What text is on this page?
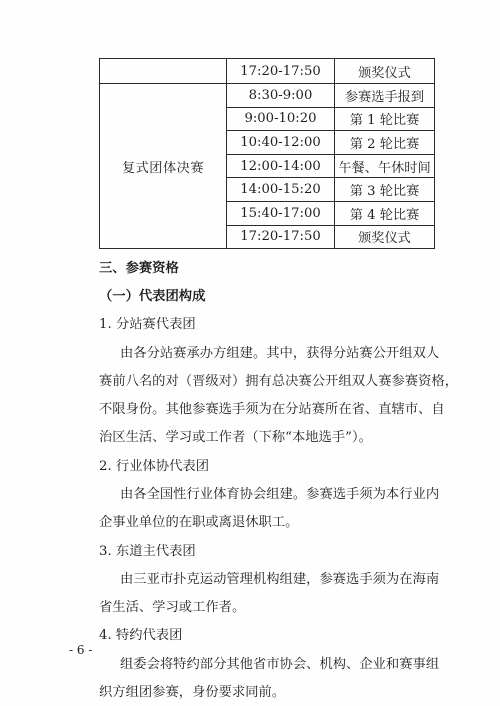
	17:20-17:50	颁奖仪式
复式团体决赛	8:30-9:00	参赛选手报到
	9:00-10:20	第 1 轮比赛
	10:40-12:00	第 2 轮比赛
	12:00-14:00	午餐、午休时间
	14:00-15:20	第 3 轮比赛
	15:40-17:00	第 4 轮比赛
	17:20-17:50	颁奖仪式
三、参赛资格
（一）代表团构成
1. 分站赛代表团
由各分站赛承办方组建。其中，获得分站赛公开组双人
赛前八名的对（晋级对）拥有总决赛公开组双人赛参赛资格，
不限身份。其他参赛选手须为在分站赛所在省、直辖市、自
治区生活、学习或工作者（下称“本地选手”）。
2. 行业体协代表团
由各全国性行业体育协会组建。参赛选手须为本行业内
企事业单位的在职或离退休职工。
3. 东道主代表团
由三亚市扑克运动管理机构组建，参赛选手须为在海南
省生活、学习或工作者。
4. 特约代表团
组委会将特约部分其他省市协会、机构、企业和赛事组
织方组团参赛，身份要求同前。
- 6 -
